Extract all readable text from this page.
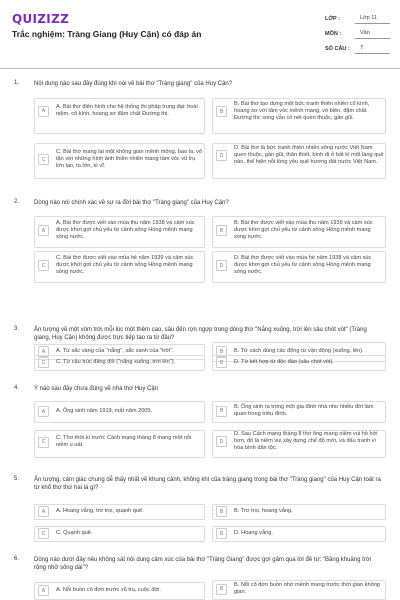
QUIZIZZ
Trắc nghiệm: Tràng Giang (Huy Cận) có đáp án
LỚP :	Lớp 11
MÔN :	Văn
SỐ CÂU :	7
1. Nội dung nào sau đây đúng khi nói về bài thơ "Tràng giang" của Huy Cận?
A
A. Bài thơ điển hình cho hệ thống thi pháp trung đại: hoài niệm, cổ kính, hoang sơ đậm chất Đường thi.	B
B. Bài thơ tạo dựng một bức tranh thiên nhiên cổ kính, hoang sơ với tâm vóc mênh mang, vô biên, đậm chất Đường thi; song vẫn có nét quen thuộc, gần gũi.
C
C. Bài thơ mang lại một không gian mênh mông, bao la, vô tận với những hình ảnh thiên nhiên mang tầm vóc vũ trụ lớn lao, to lớn, kì vĩ.
D
D. Bài thơ là bức tranh thiên nhiên sông nước Việt Nam quen thuộc, gần gũi, thân thiết, bình dị ở bất kì một làng quê nào, thể hiện nỗi lòng yêu quê hương đất nước Việt Nam.
2. Dòng nào nói chính xác về sự ra đời bài thơ "Tràng giang" của Huy Cận?
A
A. Bài thơ được viết vào mùa thu năm 1938 và cảm xúc được khơi gợi chủ yếu từ cảnh sông Hồng mênh mang sóng nước.
B
B. Bài thơ được viết vào mùa thu năm 1939 và cảm xúc được khơi gợi chủ yếu từ cảnh sông Hồng mênh mang sóng nước.
C
C. Bài thơ được viết vào mùa hè năm 1939 và cảm xúc được khơi gợi chủ yếu từ cảnh sông Hồng mênh mang sóng nước.
D
D. Bài thơ được viết vào mùa hè năm 1938 và cảm xúc được khơi gợi chủ yếu từ cảnh sông Hồng mênh mang sóng nước.
3. Ấn tượng về một vòm trời mỗi lúc một thêm cao, sâu đến rợn ngợp trong dòng thơ "Nắng xuống, trời lên sâu chót vót" (Tràng giang, Huy Cận) không được trực tiếp tạo ra từ đâu?
A	A. Từ sắc vàng của "nắng", sắc xanh của "trời".	B	B. Từ cách dùng các động từ vận động (xuống, lên).
C	C. Từ cấu trúc đăng đối ("nắng xuống, trời lên").	D	D. Từ kết hợp từ độc đáo (sâu chót vót).
4. Ý nào sau đây chưa đúng về nhà thơ Huy Cận
A	A. Ông sinh năm 1919, mất năm 2005.	B
B. Ông sinh ra trong một gia đình nhà nho nhiều đời làm quan trong triều đình.
C
C. Thơ thời kì trước Cách mạng tháng 8 mang một nỗi niềm u uất.
D
D. Sau Cách mạng tháng 8 thơ ông mang niềm vui hồ hởi hơn, đó là niềm vui xây dựng chế độ mới, và đấu tranh vì hòa bình dân tộc.
5. Ấn tượng, cảm giác chung dễ thấy nhất về khung cảnh, không khí của tràng giang trong bài thơ "Tràng giang" của Huy Cận toát ra từ khổ thơ thứ hai là gì?
A	A. Hoang vắng, trơ trọi, quạnh quẽ.	B	B. Trơ trọi, hoang vắng.
C	C. Quạnh quẽ.	D	D. Hoang vắng.
6. Dòng nào dưới đây nêu không sát nội dung cảm xúc của bài thơ "Tràng Giang" được gợi gảm qua lời đề từ: "Bâng khuâng trời rộng nhớ sông dài"?
A	A. Nỗi buồn cô đơn trước vũ trụ, cuộc đời.	B
B. Nỗi cô đơn buồn nhớ mênh mang trước thời gian không gian.
